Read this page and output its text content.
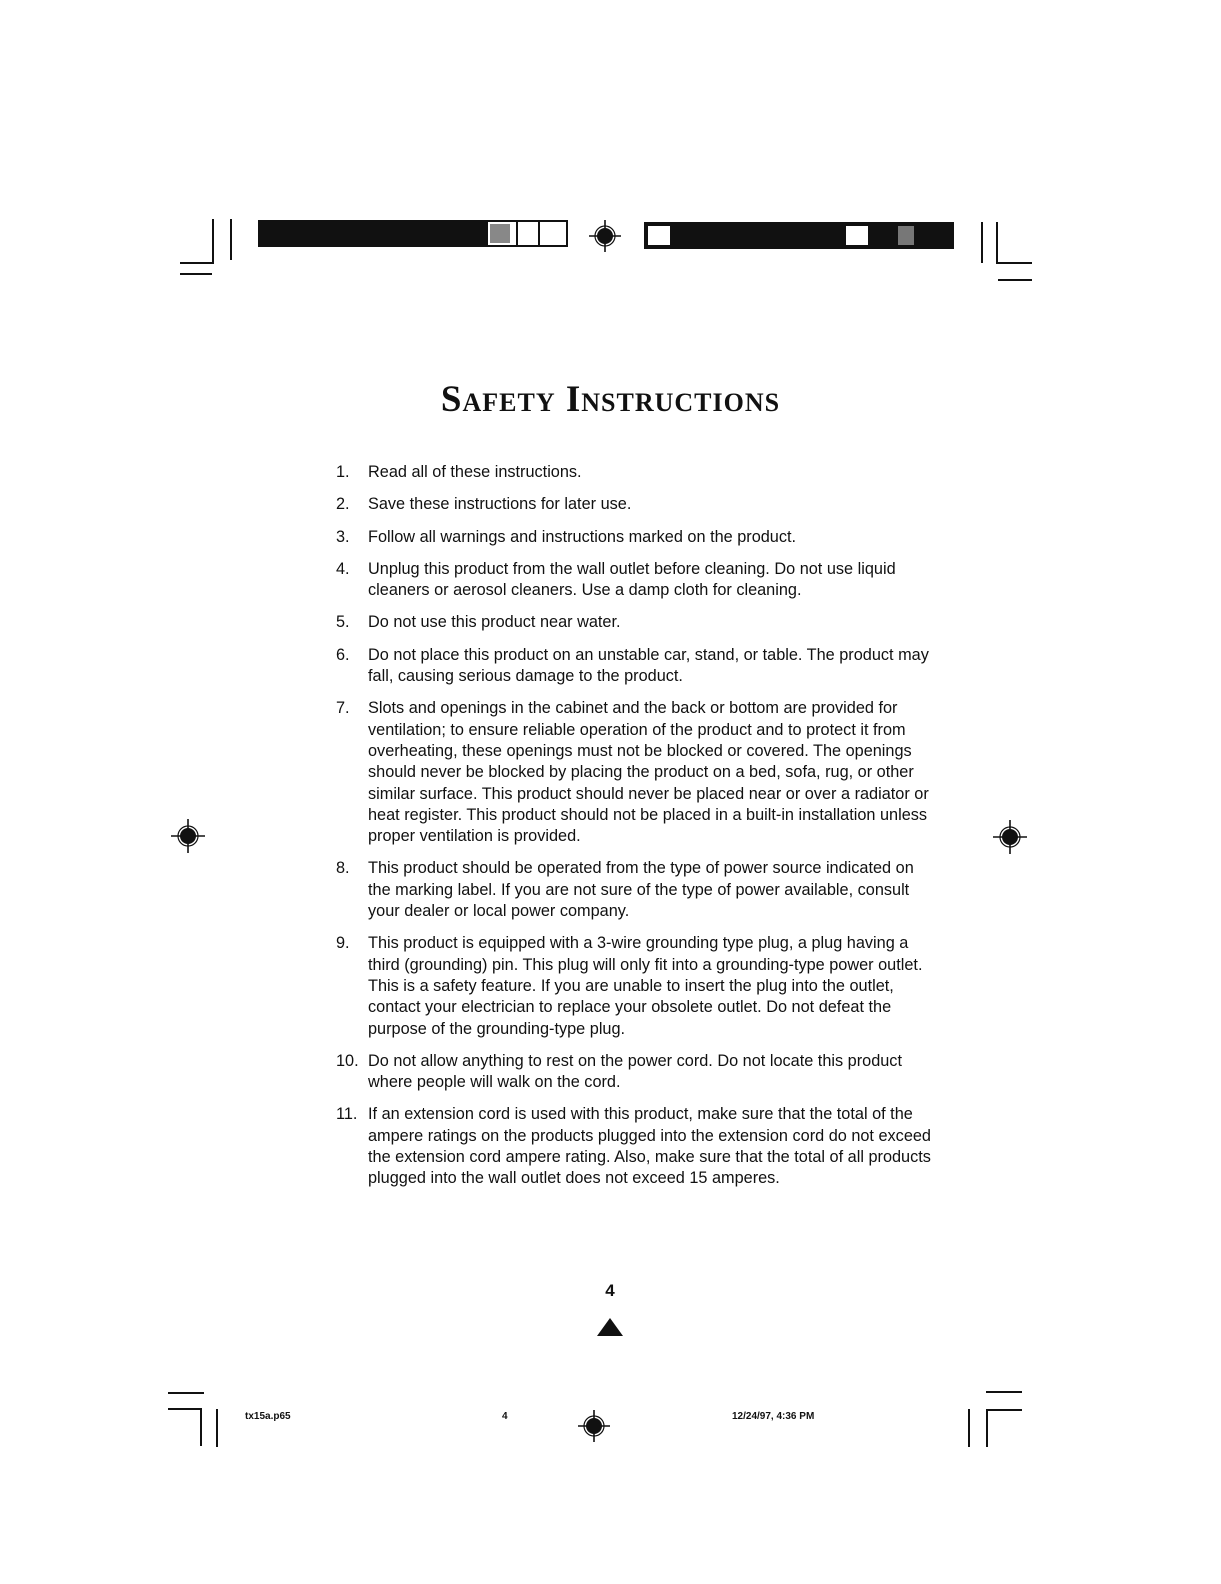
Safety Instructions
1. Read all of these instructions.
2. Save these instructions for later use.
3. Follow all warnings and instructions marked on the product.
4. Unplug this product from the wall outlet before cleaning. Do not use liquid cleaners or aerosol cleaners. Use a damp cloth for cleaning.
5. Do not use this product near water.
6. Do not place this product on an unstable car, stand, or table. The product may fall, causing serious damage to the product.
7. Slots and openings in the cabinet and the back or bottom are provided for ventilation; to ensure reliable operation of the product and to protect it from overheating, these openings must not be blocked or covered. The openings should never be blocked by placing the product on a bed, sofa, rug, or other similar surface. This product should never be placed near or over a radiator or heat register. This product should not be placed in a built-in installation unless proper ventilation is provided.
8. This product should be operated from the type of power source indicated on the marking label. If you are not sure of the type of power available, consult your dealer or local power company.
9. This product is equipped with a 3-wire grounding type plug, a plug having a third (grounding) pin. This plug will only fit into a grounding-type power outlet. This is a safety feature. If you are unable to insert the plug into the outlet, contact your electrician to replace your obsolete outlet. Do not defeat the purpose of the grounding-type plug.
10. Do not allow anything to rest on the power cord. Do not locate this product where people will walk on the cord.
11. If an extension cord is used with this product, make sure that the total of the ampere ratings on the products plugged into the extension cord do not exceed the extension cord ampere rating. Also, make sure that the total of all products plugged into the wall outlet does not exceed 15 amperes.
4
tx15a.p65	4	12/24/97, 4:36 PM
